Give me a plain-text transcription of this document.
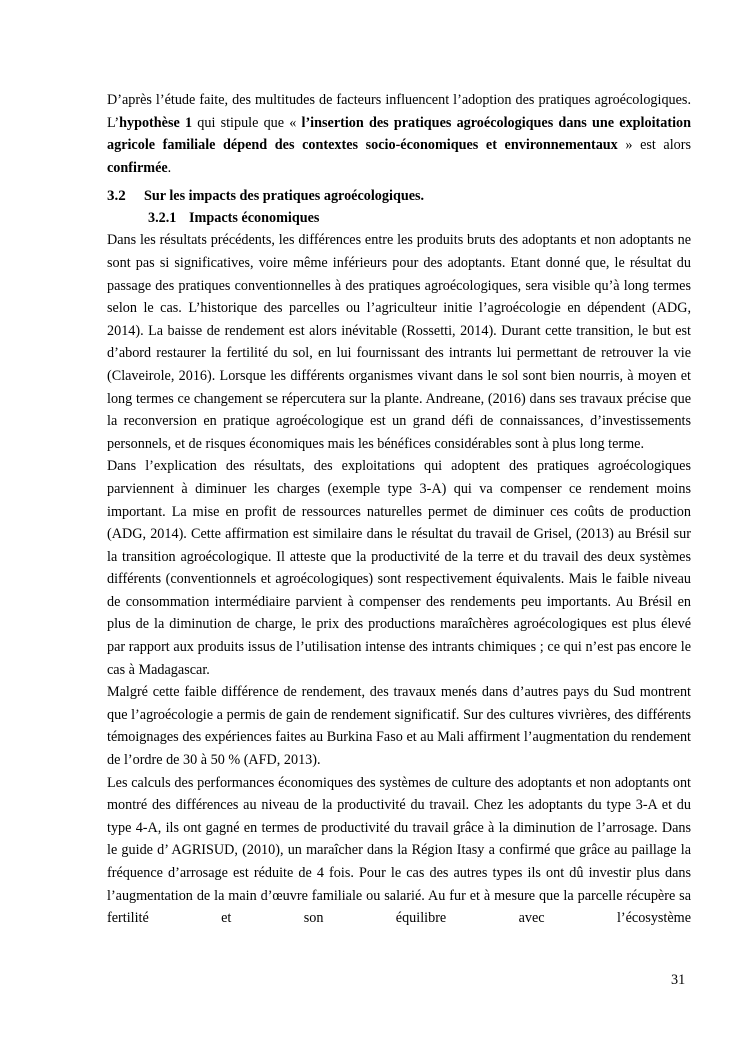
D’après l’étude faite, des multitudes de facteurs influencent l’adoption des pratiques agroécologiques. L’hypothèse 1 qui stipule que « l’insertion des pratiques agroécologiques dans une exploitation agricole familiale dépend des contextes socio-économiques et environnementaux » est alors confirmée.

3.2	Sur les impacts des pratiques agroécologiques.
3.2.1 Impacts économiques

Dans les résultats précédents, les différences entre les produits bruts des adoptants et non adoptants ne sont pas si significatives, voire même inférieurs pour des adoptants. Etant donné que, le résultat du passage des pratiques conventionnelles à des pratiques agroécologiques, sera visible qu’à long termes selon le cas. L’historique des parcelles ou l’agriculteur initie l’agroécologie en dépendent (ADG, 2014). La baisse de rendement est alors inévitable (Rossetti, 2014). Durant cette transition, le but est d’abord restaurer la fertilité du sol, en lui fournissant des intrants lui permettant de retrouver la vie (Claveirole, 2016). Lorsque les différents organismes vivant dans le sol sont bien nourris, à moyen et long termes ce changement se répercutera sur la plante. Andreane, (2016) dans ses travaux précise que la reconversion en pratique agroécologique est un grand défi de connaissances, d’investissements personnels, et de risques économiques mais les bénéfices considérables sont à plus long terme.

Dans l’explication des résultats, des exploitations qui adoptent des pratiques agroécologiques parviennent à diminuer les charges (exemple type 3-A) qui va compenser ce rendement moins important. La mise en profit de ressources naturelles permet de diminuer ces coûts de production (ADG, 2014). Cette affirmation est similaire dans le résultat du travail de Grisel, (2013) au Brésil sur la transition agroécologique. Il atteste que la productivité de la terre et du travail des deux systèmes différents (conventionnels et agroécologiques) sont respectivement équivalents. Mais le faible niveau de consommation intermédiaire parvient à compenser des rendements peu importants. Au Brésil en plus de la diminution de charge, le prix des productions maraîchères agroécologiques est plus élevé par rapport aux produits issus de l’utilisation intense des intrants chimiques ; ce qui n’est pas encore le cas à Madagascar.

Malgré cette faible différence de rendement, des travaux menés dans d’autres pays du Sud montrent que l’agroécologie a permis de gain de rendement significatif. Sur des cultures vivrières, des différents témoignages des expériences faites au Burkina Faso et au Mali affirment l’augmentation du rendement de l’ordre de 30 à 50 % (AFD, 2013).

Les calculs des performances économiques des systèmes de culture des adoptants et non adoptants ont montré des différences au niveau de la productivité du travail. Chez les adoptants du type 3-A et du type 4-A, ils ont gagné en termes de productivité du travail grâce à la diminution de l’arrosage. Dans le guide d’ AGRISUD, (2010), un maraîcher dans la Région Itasy a confirmé que grâce au paillage la fréquence d’arrosage est réduite de 4 fois. Pour le cas des autres types ils ont dû investir plus dans l’augmentation de la main d’œuvre familiale ou salarié. Au fur et à mesure que la parcelle récupère sa fertilité et son équilibre avec l’écosystème

31
